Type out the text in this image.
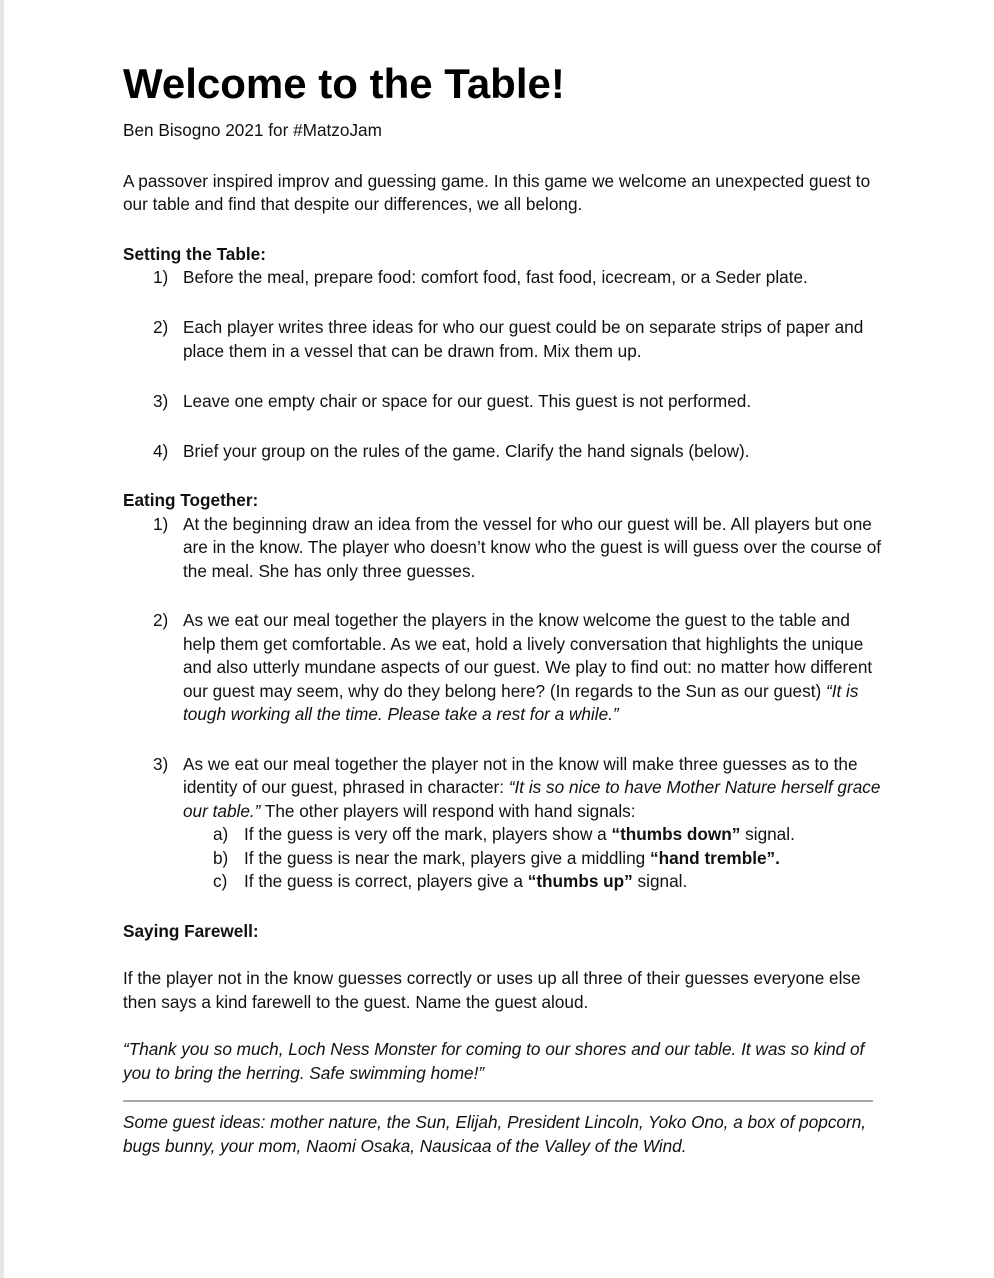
Welcome to the Table!
Ben Bisogno 2021 for #MatzoJam
A passover inspired improv and guessing game. In this game we welcome an unexpected guest to our table and find that despite our differences, we all belong.
Setting the Table:
1) Before the meal, prepare food: comfort food, fast food, icecream, or a Seder plate.
2) Each player writes three ideas for who our guest could be on separate strips of paper and place them in a vessel that can be drawn from. Mix them up.
3) Leave one empty chair or space for our guest. This guest is not performed.
4) Brief your group on the rules of the game. Clarify the hand signals (below).
Eating Together:
1) At the beginning draw an idea from the vessel for who our guest will be. All players but one are in the know. The player who doesn’t know who the guest is will guess over the course of the meal. She has only three guesses.
2) As we eat our meal together the players in the know welcome the guest to the table and help them get comfortable. As we eat, hold a lively conversation that highlights the unique and also utterly mundane aspects of our guest. We play to find out: no matter how different our guest may seem, why do they belong here? (In regards to the Sun as our guest) “It is tough working all the time. Please take a rest for a while.”
3) As we eat our meal together the player not in the know will make three guesses as to the identity of our guest, phrased in character: “It is so nice to have Mother Nature herself grace our table.” The other players will respond with hand signals:
a) If the guess is very off the mark, players show a “thumbs down” signal.
b) If the guess is near the mark, players give a middling “hand tremble”.
c) If the guess is correct, players give a “thumbs up” signal.
Saying Farewell:
If the player not in the know guesses correctly or uses up all three of their guesses everyone else then says a kind farewell to the guest. Name the guest aloud.
“Thank you so much, Loch Ness Monster for coming to our shores and our table. It was so kind of you to bring the herring. Safe swimming home!”
Some guest ideas: mother nature, the Sun, Elijah, President Lincoln, Yoko Ono, a box of popcorn, bugs bunny, your mom, Naomi Osaka, Nausicaa of the Valley of the Wind.
